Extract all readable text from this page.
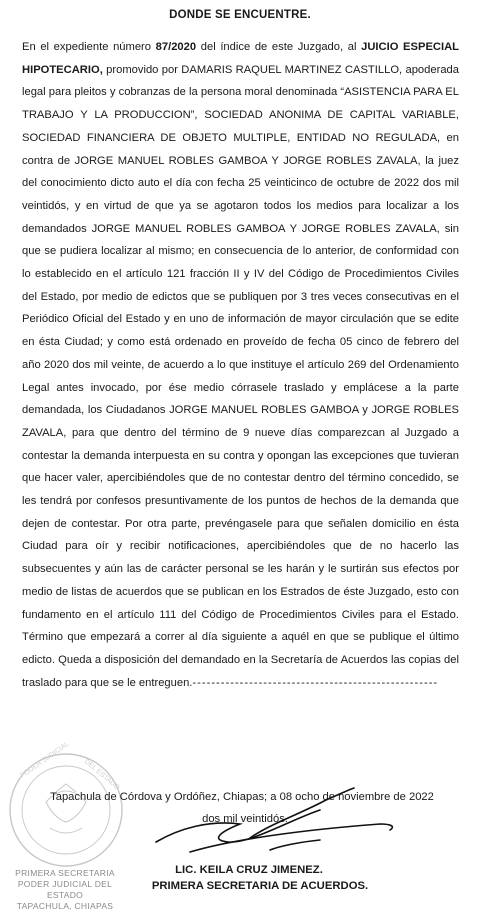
DONDE SE ENCUENTRE.

En el expediente número 87/2020 del índice de este Juzgado, al JUICIO ESPECIAL HIPOTECARIO, promovido por DAMARIS RAQUEL MARTINEZ CASTILLO, apoderada legal para pleitos y cobranzas de la persona moral denominada “ASISTENCIA PARA EL TRABAJO Y LA PRODUCCION”, SOCIEDAD ANONIMA DE CAPITAL VARIABLE, SOCIEDAD FINANCIERA DE OBJETO MULTIPLE, ENTIDAD NO REGULADA, en contra de JORGE MANUEL ROBLES GAMBOA Y JORGE ROBLES ZAVALA, la juez del conocimiento dicto auto el día con fecha 25 veinticinco de octubre de 2022 dos mil veintidós, y en virtud de que ya se agotaron todos los medios para localizar a los demandados JORGE MANUEL ROBLES GAMBOA Y JORGE ROBLES ZAVALA, sin que se pudiera localizar al mismo; en consecuencia de lo anterior, de conformidad con lo establecido en el artículo 121 fracción II y IV del Código de Procedimientos Civiles del Estado, por medio de edictos que se publiquen por 3 tres veces consecutivas en el Periódico Oficial del Estado y en uno de información de mayor circulación que se edite en ésta Ciudad; y como está ordenado en proveído de fecha 05 cinco de febrero del año 2020 dos mil veinte, de acuerdo a lo que instituye el artículo 269 del Ordenamiento Legal antes invocado, por ése medio córrasele traslado y emplácese a la parte demandada, los Ciudadanos JORGE MANUEL ROBLES GAMBOA y JORGE ROBLES ZAVALA, para que dentro del término de 9 nueve días comparezcan al Juzgado a contestar la demanda interpuesta en su contra y opongan las excepciones que tuvieran que hacer valer, apercibiéndoles que de no contestar dentro del término concedido, se les tendrá por confesos presuntivamente de los puntos de hechos de la demanda que dejen de contestar. Por otra parte, prevéngasele para que señalen domicilio en ésta Ciudad para oír y recibir notificaciones, apercibiéndoles que de no hacerlo las subsecuentes y aún las de carácter personal se les harán y le surtirán sus efectos por medio de listas de acuerdos que se publican en los Estrados de éste Juzgado, esto con fundamento en el artículo 111 del Código de Procedimientos Civiles para el Estado. Término que empezará a correr al día siguiente a aquél en que se publique el último edicto. Queda a disposición del demandado en la Secretaría de Acuerdos las copias del traslado para que se le entreguen.----------------------------------------------------

PODER JUDICIAL DEL ESTADO
PRIMERA SECRETARIA
PODER JUDICIAL DEL ESTADO
TAPACHULA, CHIAPAS
Tapachula de Córdova y Ordóñez, Chiapas; a 08 ocho de noviembre de 2022
dos mil veintidós.
LIC. KEILA CRUZ JIMENEZ.
PRIMERA SECRETARIA DE ACUERDOS.
